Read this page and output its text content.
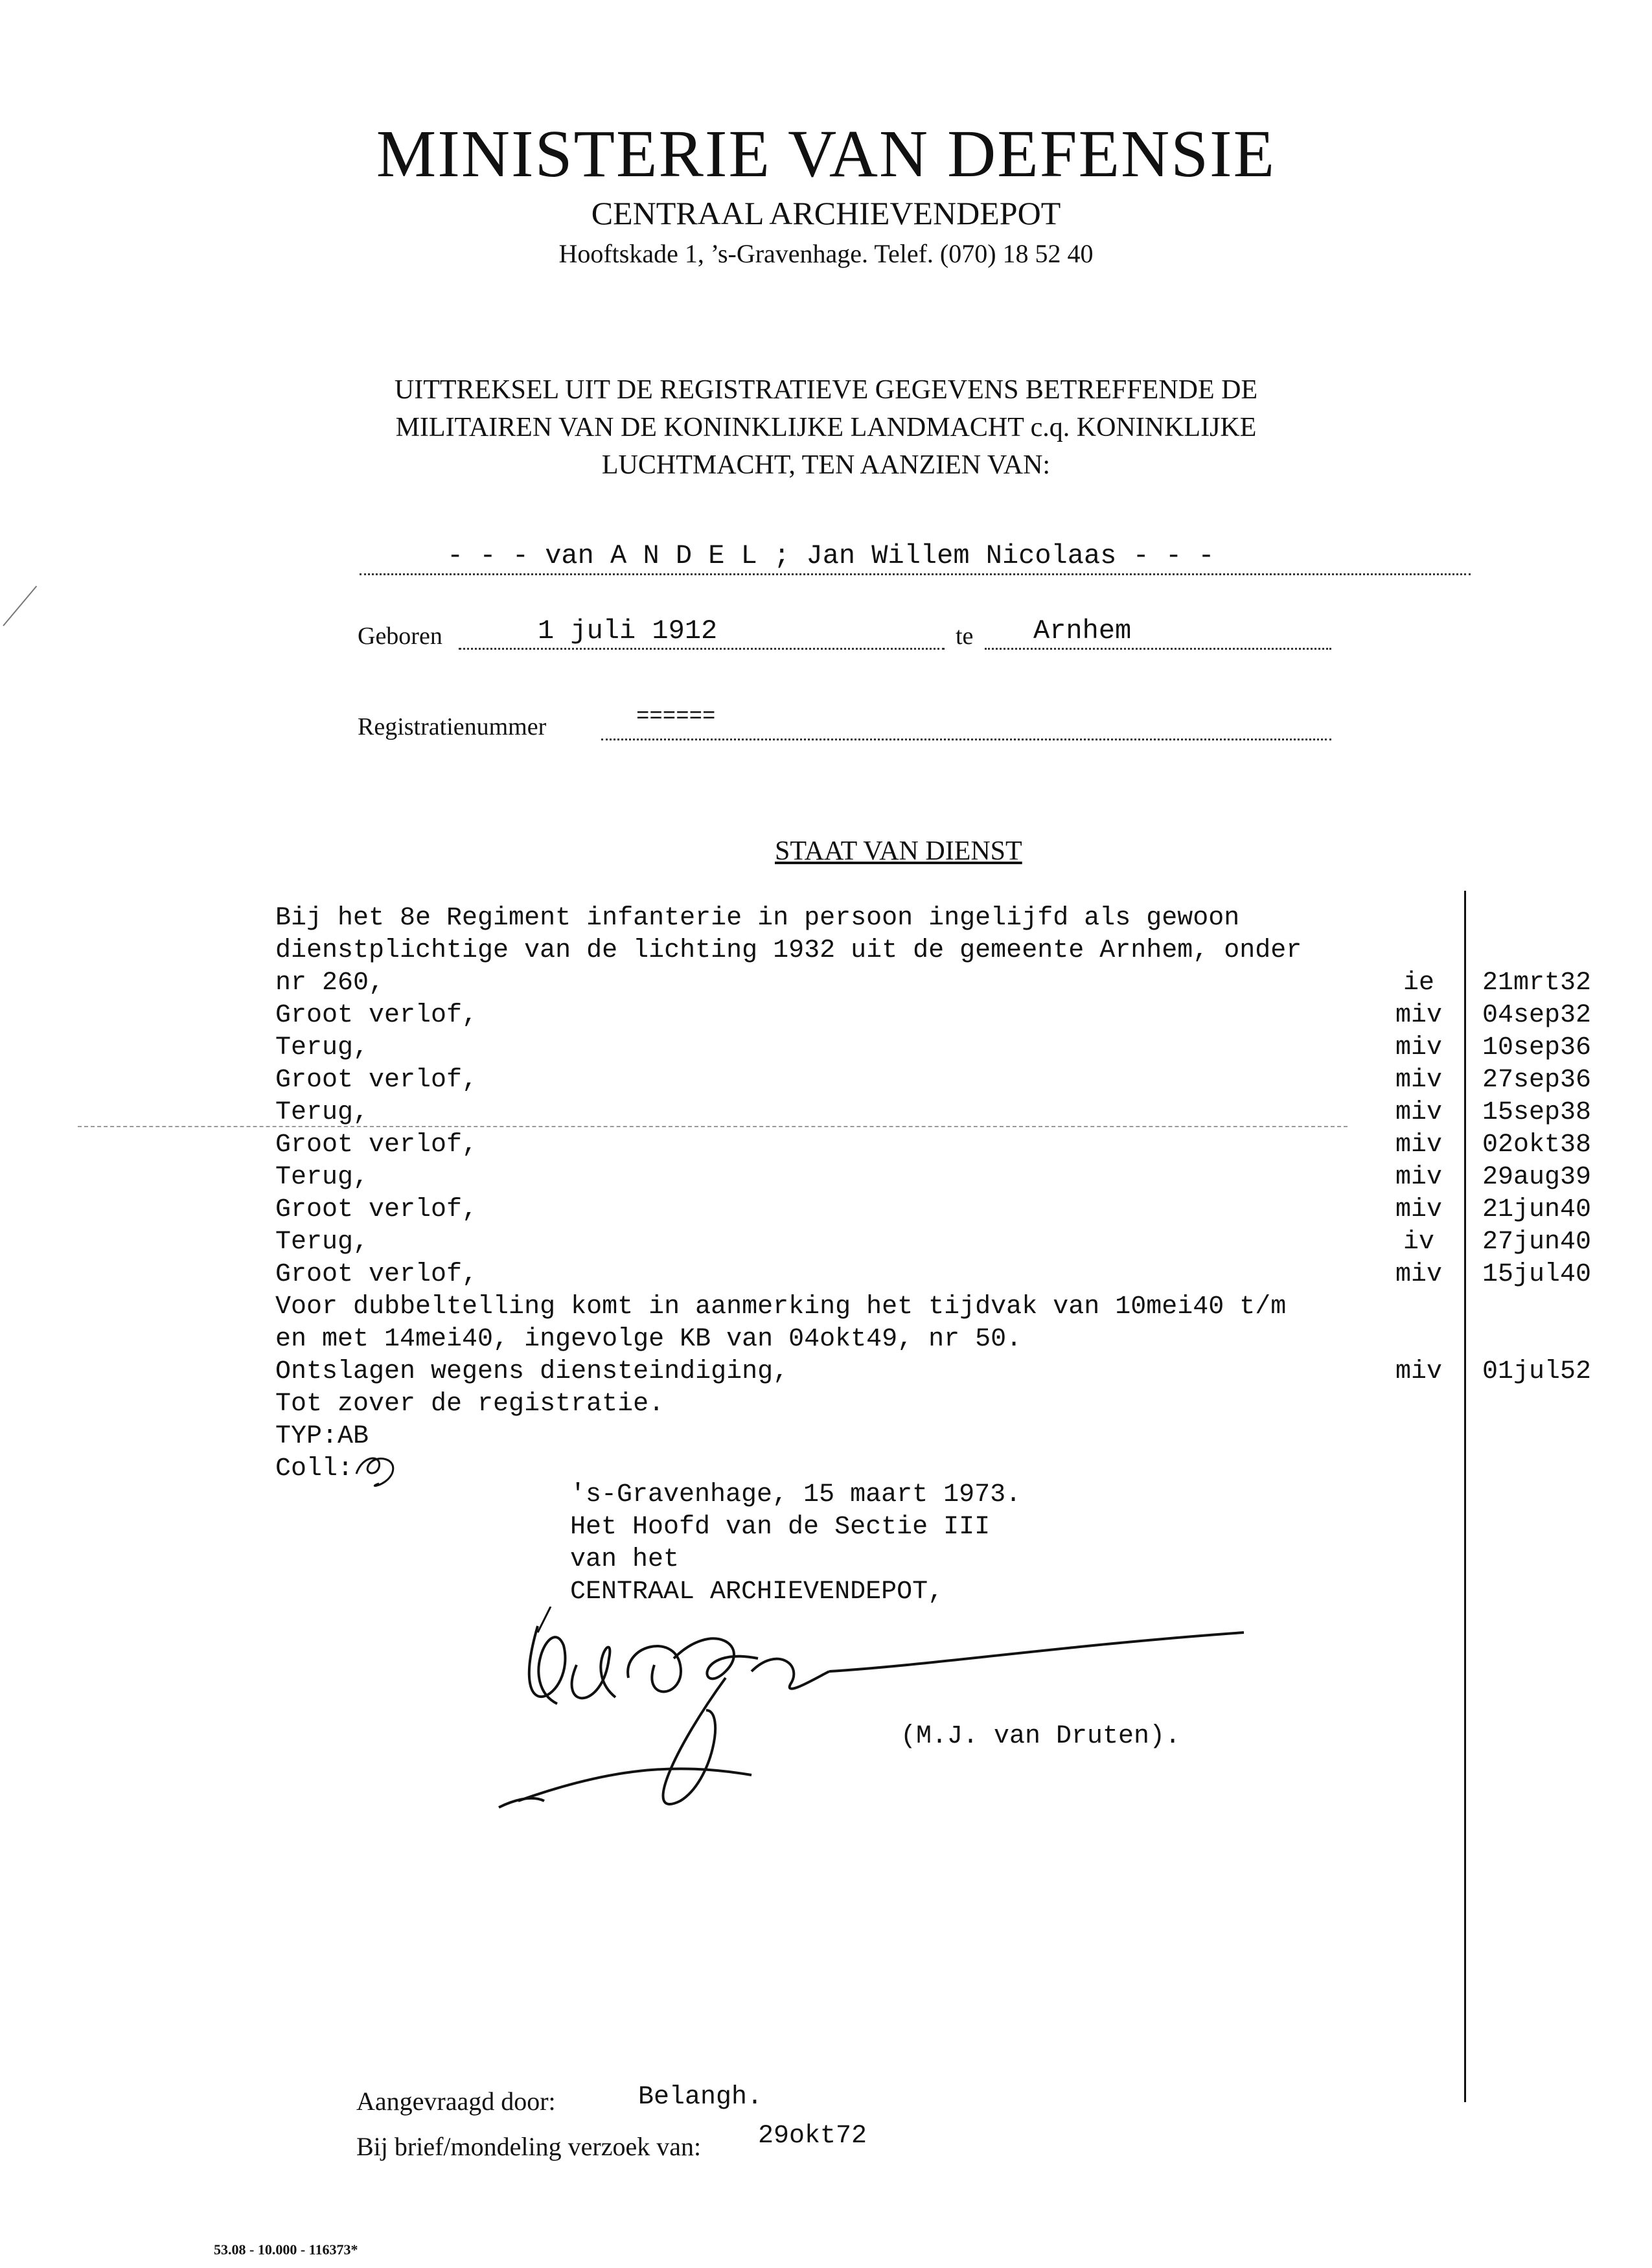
MINISTERIE VAN DEFENSIE
CENTRAAL ARCHIEVENDEPOT
Hooftskade 1, ’s-Gravenhage. Telef. (070) 18 52 40
UITTREKSEL UIT DE REGISTRATIEVE GEGEVENS BETREFFENDE DE
MILITAIREN VAN DE KONINKLIJKE LANDMACHT c.q. KONINKLIJKE
LUCHTMACHT, TEN AANZIEN VAN:
- - - van A N D E L ; Jan Willem Nicolaas - - -
Geboren	1 juli 1912	te Arnhem
Registratienummer	======
STAAT VAN DIENST
Bij het 8e Regiment infanterie in persoon ingelijfd als gewoon
dienstplichtige van de lichting 1932 uit de gemeente Arnhem, onder
nr 260,	ie	21mrt32
Groot verlof,	miv 04sep32
Terug,	miv 10sep36
Groot verlof,	miv 27sep36
Terug,	miv 15sep38
Groot verlof,	miv 02okt38
Terug,	miv 29aug39
Groot verlof,	miv 21jun40
Terug,	iv	27jun40
Groot verlof,	miv 15jul40
Voor dubbeltelling komt in aanmerking het tijdvak van 10mei40 t/m
en met 14mei40, ingevolge KB van 04okt49, nr 50.
Ontslagen wegens diensteindiging,	miv 01jul52
Tot zover de registratie.
TYP:AB
Coll:
's-Gravenhage, 15 maart 1973.
Het Hoofd van de Sectie III
van het
CENTRAAL ARCHIEVENDEPOT,
(M.J. van Druten).
Aangevraagd door:	Belangh.
Bij brief/mondeling verzoek van: 29okt72
53.08 - 10.000 - 116373*
